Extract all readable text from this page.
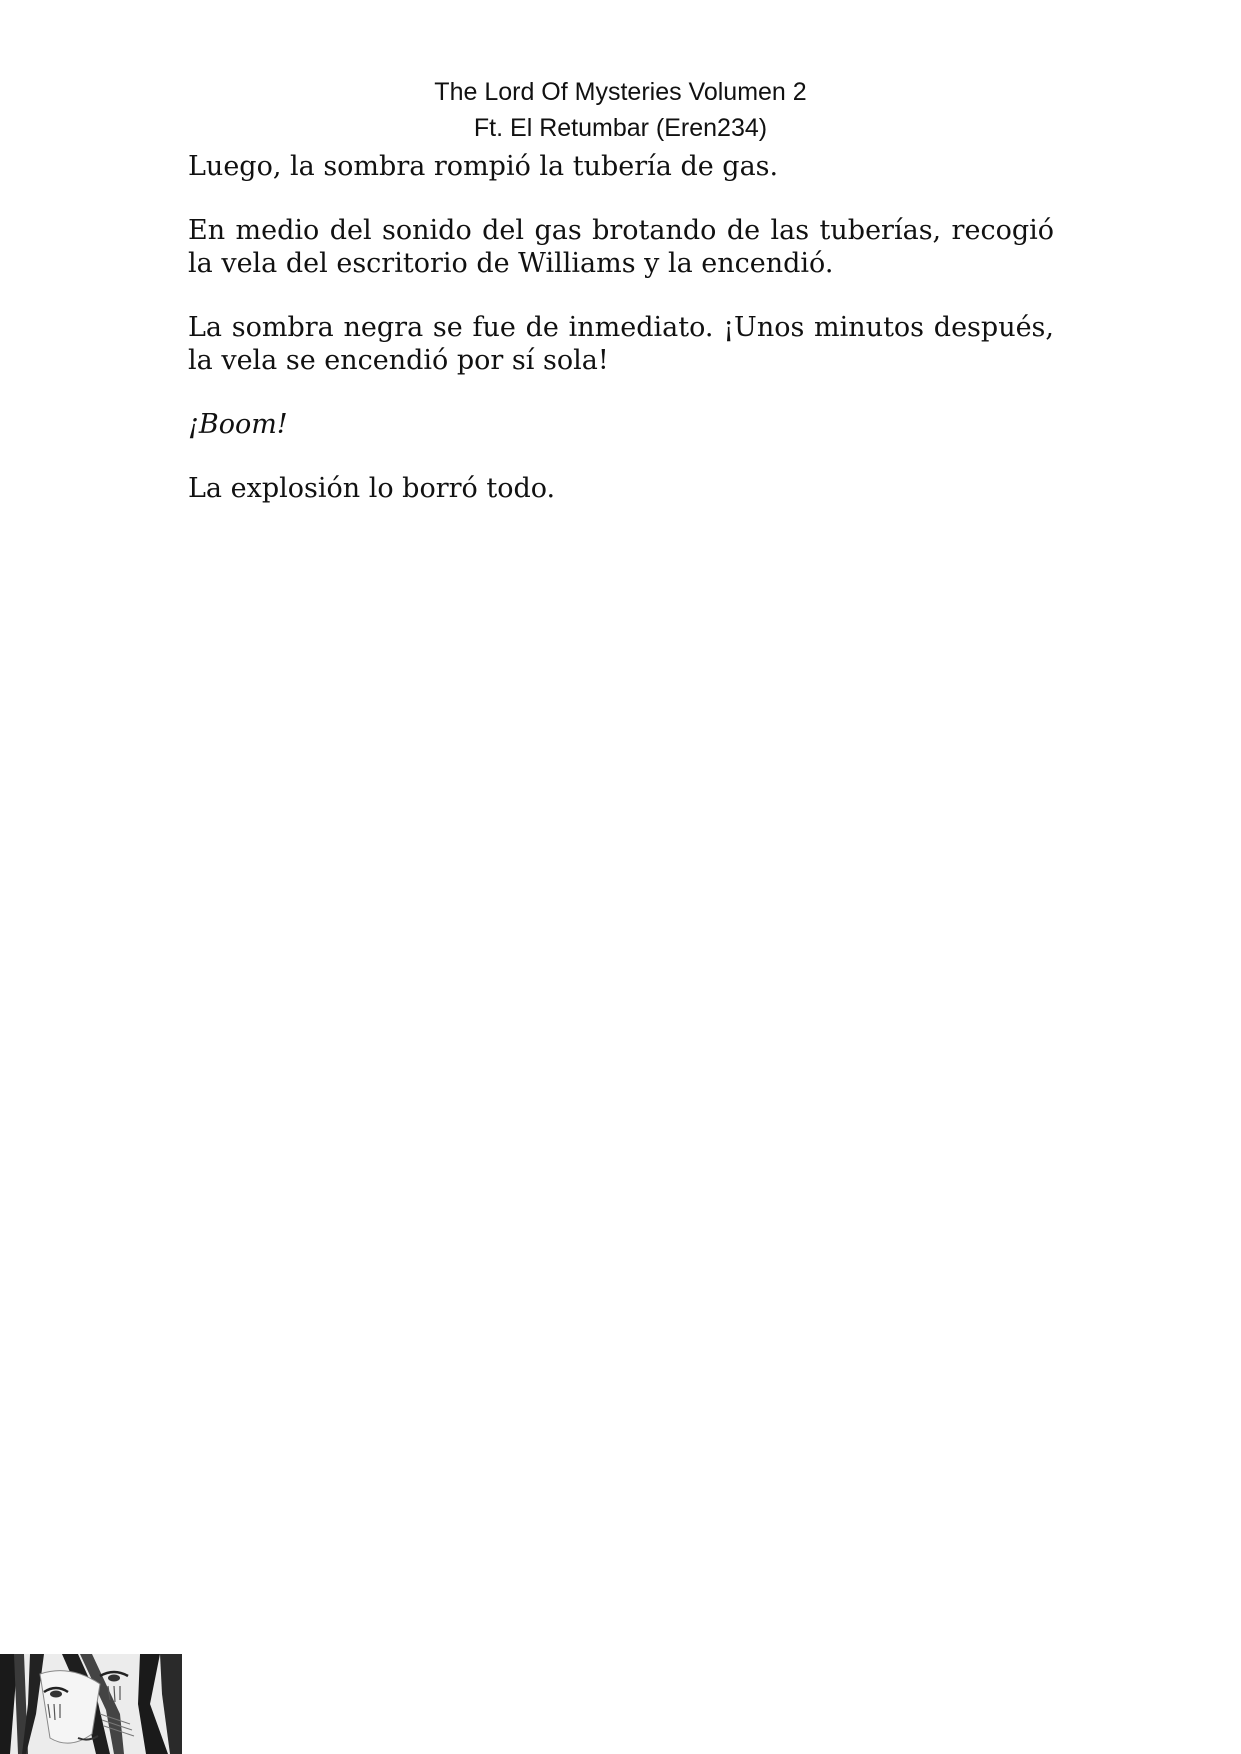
The Lord Of Mysteries Volumen 2
Ft. El Retumbar (Eren234)

Luego, la sombra rompió la tubería de gas.

En medio del sonido del gas brotando de las tuberías, recogió la vela del escritorio de Williams y la encendió.

La sombra negra se fue de inmediato. ¡Unos minutos después, la vela se encendió por sí sola!

¡Boom!

La explosión lo borró todo.
